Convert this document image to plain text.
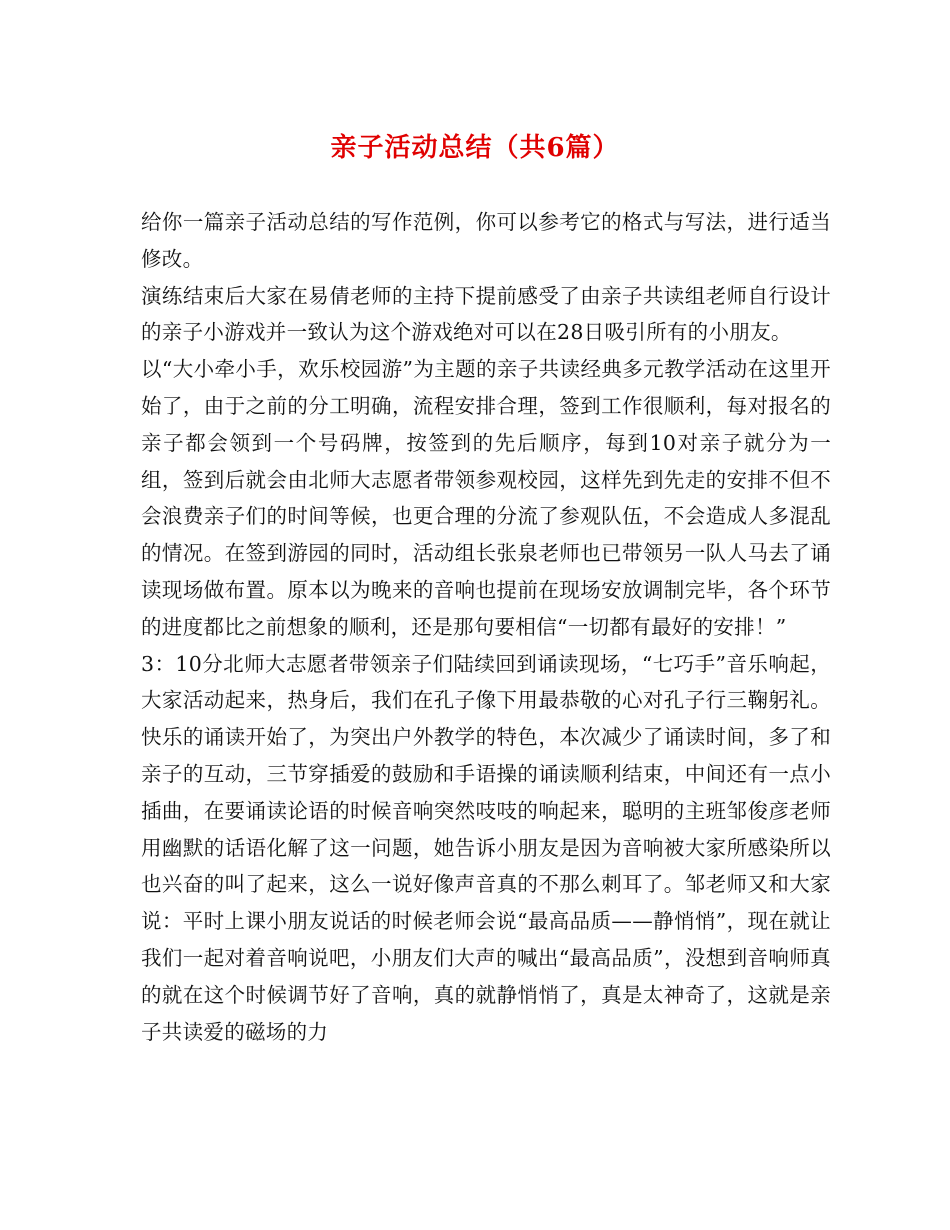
亲子活动总结（共6篇）

给你一篇亲子活动总结的写作范例，你可以参考它的格式与写法，进行适当修改。

演练结束后大家在易倩老师的主持下提前感受了由亲子共读组老师自行设计的亲子小游戏并一致认为这个游戏绝对可以在28日吸引所有的小朋友。

以“大小牵小手，欢乐校园游”为主题的亲子共读经典多元教学活动在这里开始了，由于之前的分工明确，流程安排合理，签到工作很顺利，每对报名的亲子都会领到一个号码牌，按签到的先后顺序，每到10对亲子就分为一组，签到后就会由北师大志愿者带领参观校园，这样先到先走的安排不但不会浪费亲子们的时间等候，也更合理的分流了参观队伍，不会造成人多混乱的情况。在签到游园的同时，活动组长张泉老师也已带领另一队人马去了诵读现场做布置。原本以为晚来的音响也提前在现场安放调制完毕，各个环节的进度都比之前想象的顺利，还是那句要相信“一切都有最好的安排！”

3：10分北师大志愿者带领亲子们陆续回到诵读现场，“七巧手”音乐响起，大家活动起来，热身后，我们在孔子像下用最恭敬的心对孔子行三鞠躬礼。快乐的诵读开始了，为突出户外教学的特色，本次减少了诵读时间，多了和亲子的互动，三节穿插爱的鼓励和手语操的诵读顺利结束，中间还有一点小插曲，在要诵读论语的时候音响突然吱吱的响起来，聪明的主班邹俊彦老师用幽默的话语化解了这一问题，她告诉小朋友是因为音响被大家所感染所以也兴奋的叫了起来，这么一说好像声音真的不那么刺耳了。邹老师又和大家说：平时上课小朋友说话的时候老师会说“最高品质——静悄悄”，现在就让我们一起对着音响说吧，小朋友们大声的喊出“最高品质”，没想到音响师真的就在这个时候调节好了音响，真的就静悄悄了，真是太神奇了，这就是亲子共读爱的磁场的力
